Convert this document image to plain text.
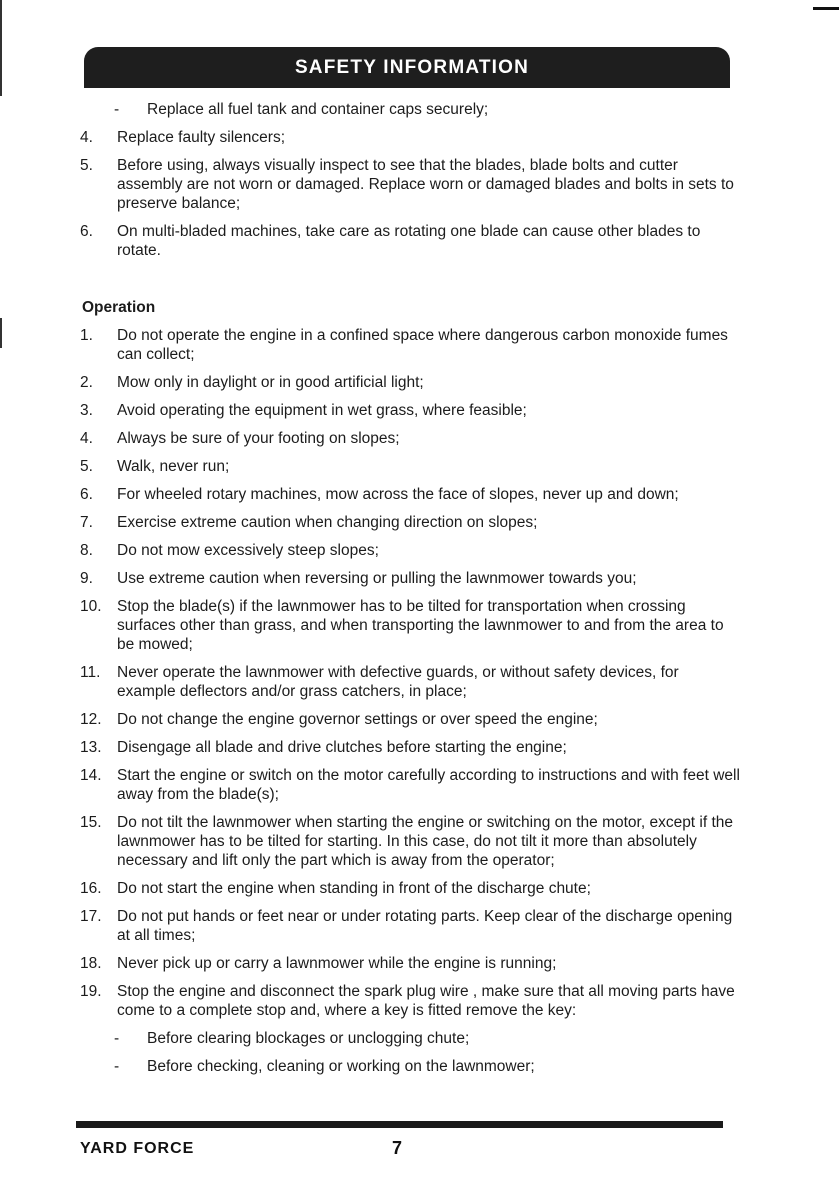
SAFETY INFORMATION
- Replace all fuel tank and container caps securely;
4. Replace faulty silencers;
5. Before using, always visually inspect to see that the blades, blade bolts and cutter assembly are not worn or damaged. Replace worn or damaged blades and bolts in sets to preserve balance;
6. On multi-bladed machines, take care as rotating one blade can cause other blades to rotate.
Operation
1. Do not operate the engine in a confined space where dangerous carbon monoxide fumes can collect;
2. Mow only in daylight or in good artificial light;
3. Avoid operating the equipment in wet grass, where feasible;
4. Always be sure of your footing on slopes;
5. Walk, never run;
6. For wheeled rotary machines, mow across the face of slopes, never up and down;
7. Exercise extreme caution when changing direction on slopes;
8. Do not mow excessively steep slopes;
9. Use extreme caution when reversing or pulling the lawnmower towards you;
10. Stop the blade(s) if the lawnmower has to be tilted for transportation when crossing surfaces other than grass, and when transporting the lawnmower to and from the area to be mowed;
11. Never operate the lawnmower with defective guards, or without safety devices, for example deflectors and/or grass catchers, in place;
12. Do not change the engine governor settings or over speed the engine;
13. Disengage all blade and drive clutches before starting the engine;
14. Start the engine or switch on the motor carefully according to instructions and with feet well away from the blade(s);
15. Do not tilt the lawnmower when starting the engine or switching on the motor, except if the lawnmower has to be tilted for starting. In this case, do not tilt it more than absolutely necessary and lift only the part which is away from the operator;
16. Do not start the engine when standing in front of the discharge chute;
17. Do not put hands or feet near or under rotating parts. Keep clear of the discharge opening at all times;
18. Never pick up or carry a lawnmower while the engine is running;
19. Stop the engine and disconnect the spark plug wire , make sure that all moving parts have come to a complete stop and, where a key is fitted remove the key:
- Before clearing blockages or unclogging chute;
- Before checking, cleaning or working on the lawnmower;
YARD FORCE	7
